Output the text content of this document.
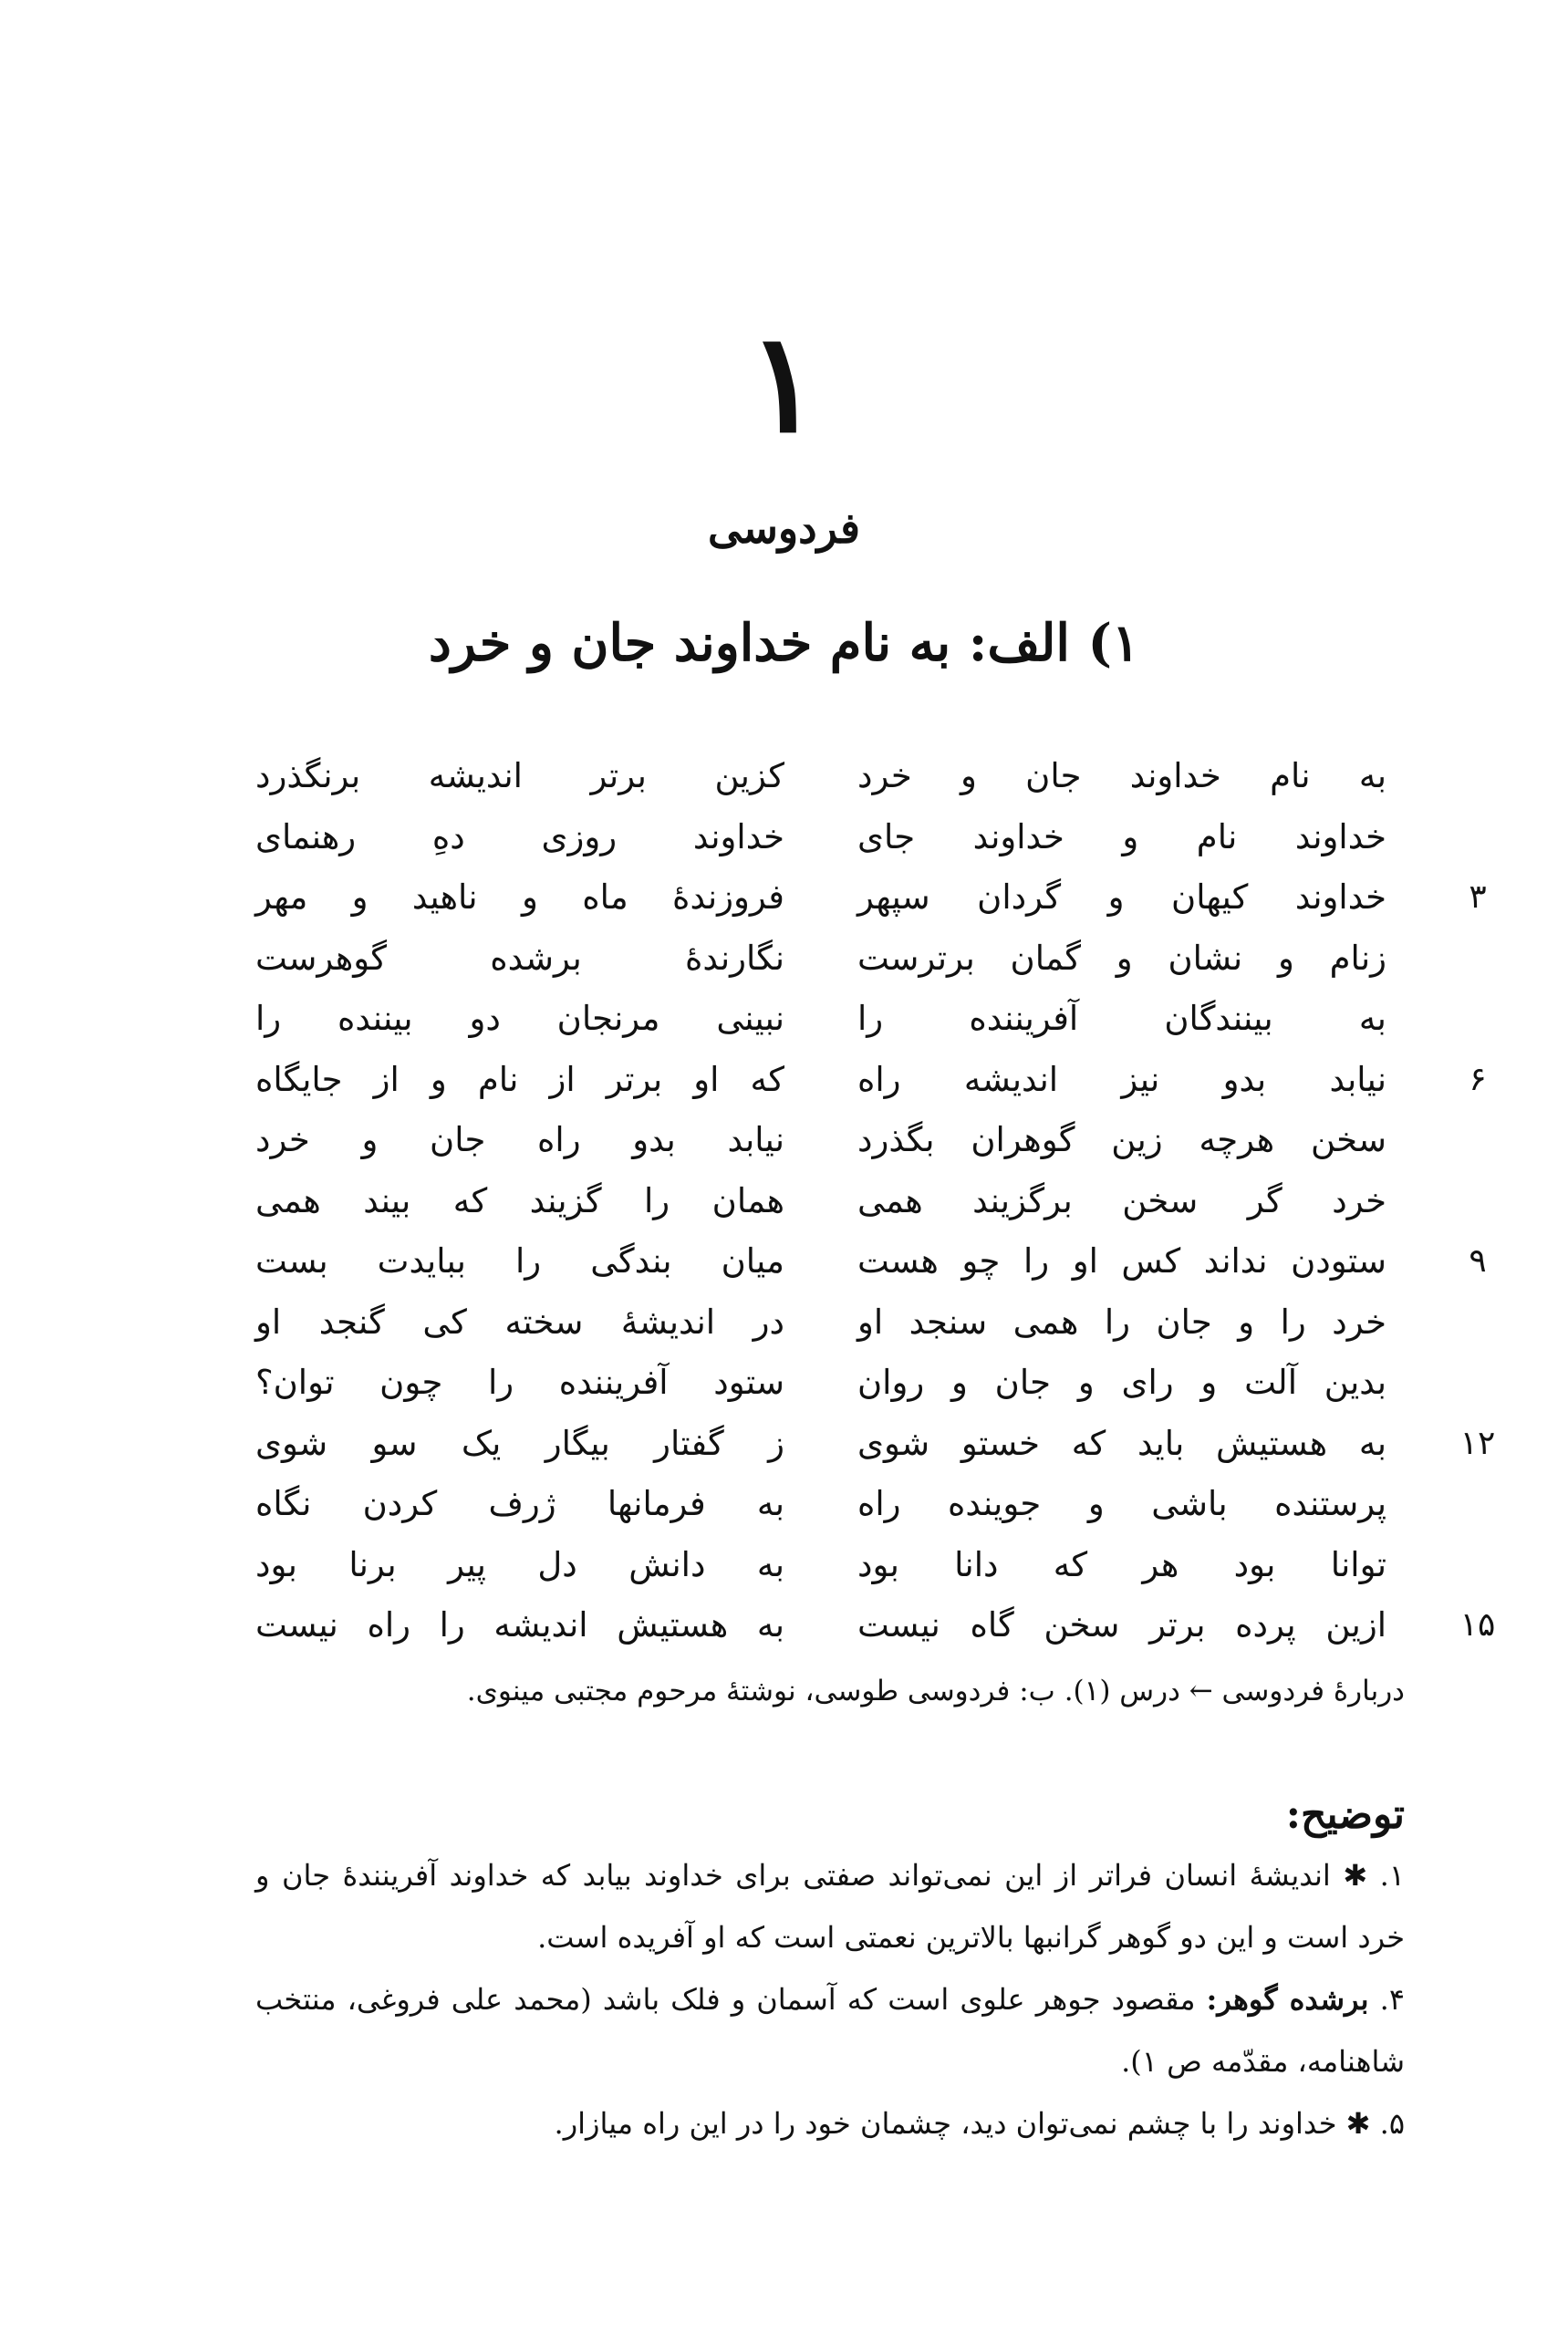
۱
فردوسی
۱) الف: به نام خداوند جان و خرد
به نام خداوند جان و خرد
کزین برتر اندیشه برنگذرد
خداوند نام و خداوند جای
خداوند روزی دهِ رهنمای
۳
خداوند کیهان و گردان سپهر
فروزندهٔ ماه و ناهید و مهر
زنام و نشان و گمان برترست
نگارندهٔ برشده گوهرست
به بینندگان آفریننده را
نبینی مرنجان دو بیننده را
۶
نیابد بدو نیز اندیشه راه
که او برتر از نام و از جایگاه
سخن هرچه زین گوهران بگذرد
نیابد بدو راه جان و خرد
خرد گر سخن برگزیند همی
همان را گزیند که بیند همی
۹
ستودن نداند کس او را چو هست
میان بندگی را ببایدت بست
خرد را و جان را همی سنجد او
در اندیشهٔ سخته کی گنجد او
بدین آلت و رای و جان و روان
ستود آفریننده را چون توان؟
۱۲
به هستیش باید که خستو شوی
ز گفتار بیگار یک سو شوی
پرستنده باشی و جوینده راه
به فرمانها ژرف کردن نگاه
توانا بود هر که دانا بود
به دانش دل پیر برنا بود
۱۵
ازین پرده برتر سخن گاه نیست
به هستیش اندیشه را راه نیست
دربارهٔ فردوسی ← درس (۱). ب: فردوسی طوسی، نوشتهٔ مرحوم مجتبی مینوی.
توضیح:
۱. ✱ اندیشهٔ انسان فراتر از این نمی‌تواند صفتی برای خداوند بیابد که خداوند آفرینندهٔ جان و خرد است و این دو گوهر گرانبها بالاترین نعمتی است که او آفریده است.
۴. برشده گوهر: مقصود جوهر علوی است که آسمان و فلک باشد (محمد علی فروغی، منتخب شاهنامه، مقدّمه ص ۱).
۵. ✱ خداوند را با چشم نمی‌توان دید، چشمان خود را در این راه میازار.
